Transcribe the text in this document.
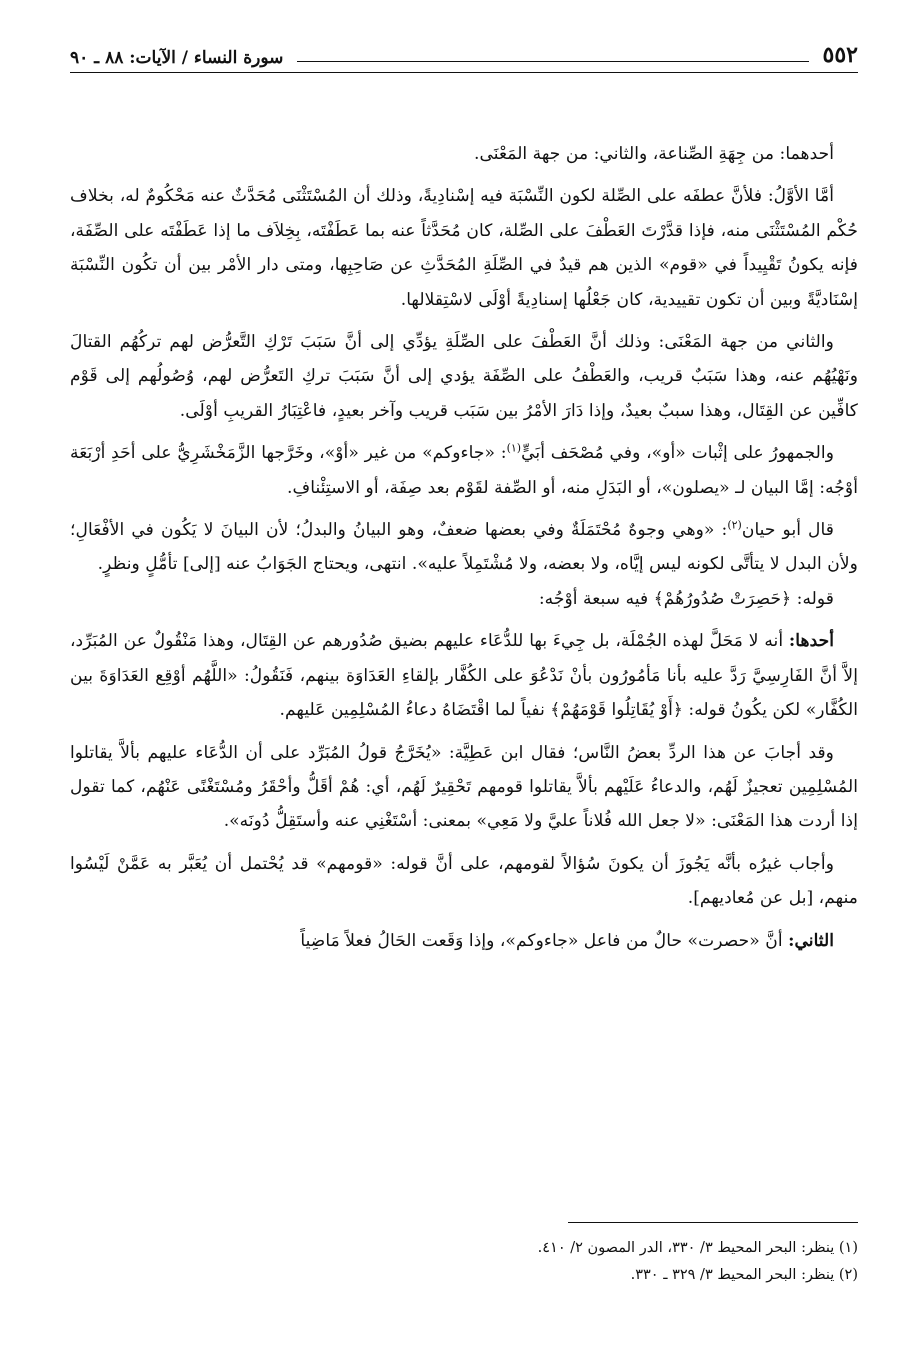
٥٥٢
سورة النساء / الآيات: ٨٨ ـ ٩٠

أحدهما: من جِهَةِ الصِّناعة، والثاني: من جهة المَعْنَى.

أمَّا الأوَّلُ: فلأنَّ عطفَه على الصِّلة لكون النِّسْبَة فيه إسْنادِيةً، وذلك أن المُسْتَثْنَى مُحَدَّثٌ عنه مَحْكُومٌ له، بخلاف حُكْم المُسْتَثْنَى منه، فإذا قدَّرْتَ العَطْفَ على الصِّلة، كان مُحَدَّثاً عنه بما عَطَفْتَه، بِخِلاَف ما إذا عَطَفْتَه على الصِّفَة، فإنه يكونُ تَقْيِيداً في «قوم» الذين هم قيدٌ في الصِّلَةِ المُحَدَّثِ عن صَاحِبِها، ومتى دار الأمْر بين أن تكُون النِّسْبَة إسْنَاديَّةً وبين أن تكون تقييدية، كان جَعْلُها إسنادِيةً أوْلَى لاسْتِقلالها.

والثاني من جهة المَعْنَى: وذلك أنَّ العَطْفَ على الصِّلَةِ يؤدِّي إلى أنَّ سَبَبَ تَرْكِ التَّعرُّض لهم تركُهُم القتالَ ونَهْيُهُم عنه، وهذا سَبَبٌ قريب، والعَطْفُ على الصِّفَة يؤدي إلى أنَّ سَبَبَ تركِ التَعرُّض لهم، وُصُولُهم إلى قَوْم كافِّين عن القِتَال، وهذا سببٌ بعيدٌ، وإذا دَارَ الأمْرُ بين سَبَب قريب وآخر بعيدٍ، فاعْتِبَارُ القريبِ أوْلَى.

والجمهورُ على إثْبات «أو»، وفي مُصْحَف أبَيٍّ$^{(١)}$: «جاءوكم» من غير «أوْ»، وخَرَّجها الزَّمَخْشَرِيُّ على أحَدِ أرْبَعَة أوْجُه: إمَّا البيان لـ «يصلون»، أو البَدَلِ منه، أو الصِّفة لقَوْم بعد صِفَة، أو الاستِئْنافِ.

قال أبو حيان$^{(٢)}$: «وهي وجوهٌ مُحْتَمَلَةٌ وفي بعضها ضعفٌ، وهو البيانُ والبدلُ؛ لأن البيانَ لا يَكُون في الأفْعَالِ؛ ولأن البدل لا يتأتَّى لكونه ليس إيَّاه، ولا بعضه، ولا مُشْتَمِلاً عليه». انتهى، ويحتاج الجَوَابُ عنه [إلى] تأمُّلٍ ونظرٍ.

قوله: ﴿حَصِرَتْ صُدُورُهُمْ﴾ فيه سبعة أوْجُه:

أحدها: أنه لا مَحَلَّ لهذه الجُمْلَة، بل جِيءَ بها للدُّعَاء عليهم بضيق صُدُورهم عن القِتَال، وهذا مَنْقُولٌ عن المُبَرِّد، إلاَّ أنَّ الفَارِسِيَّ رَدَّ عليه بأنا مَأمُورُون بأنْ نَدْعُوَ على الكُفَّار بإلقاءِ العَدَاوَة بينهم، فَنَقُولُ: «اللَّهُم أوْقِع العَدَاوَةَ بين الكُفَّار» لكن يكُونُ قوله: ﴿أَوْ يُقَاتِلُوا قَوْمَهُمْ﴾ نفياً لما اقْتَضَاهُ دعاءُ المُسْلِمِين عَليهم.

وقد أجابَ عن هذا الردِّ بعضُ النَّاس؛ فقال ابن عَطِيَّة: «يُخَرَّجُ قولُ المُبَرِّد على أن الدُّعَاء عليهم بألاَّ يقاتلوا المُسْلِمِين تعجيزٌ لَهُم، والدعاءُ عَلَيْهم بألاَّ يقاتلوا قومهم تَحْقِيرٌ لَهُم، أي: هُمْ أقَلُّ وأحْقَرُ ومُسْتَغْنًى عَنْهُم، كما تقول إذا أردت هذا المَعْنَى: «لا جعل الله فُلاناً عليَّ ولا مَعِي» بمعنى: أسْتَغْنِي عنه وأستَقِلُّ دُونَه».

وأجاب غيرُه بأنَّه يَجُوزَ أن يكونَ سُؤالاً لقومهم، على أنَّ قوله: «قومهم» قد يُحْتمل أن يُعَبَّر به عَمَّنْ لَيْسُوا منهم، [بل عن مُعاديهم].

الثاني: أنَّ «حصرت» حالٌ من فاعل «جاءوكم»، وإذا وَقَعت الحَالُ فعلاً مَاضِياً

(١) ينظر: البحر المحيط ٣/ ٣٣٠، الدر المصون ٢/ ٤١٠.
(٢) ينظر: البحر المحيط ٣/ ٣٢٩ ـ ٣٣٠.
